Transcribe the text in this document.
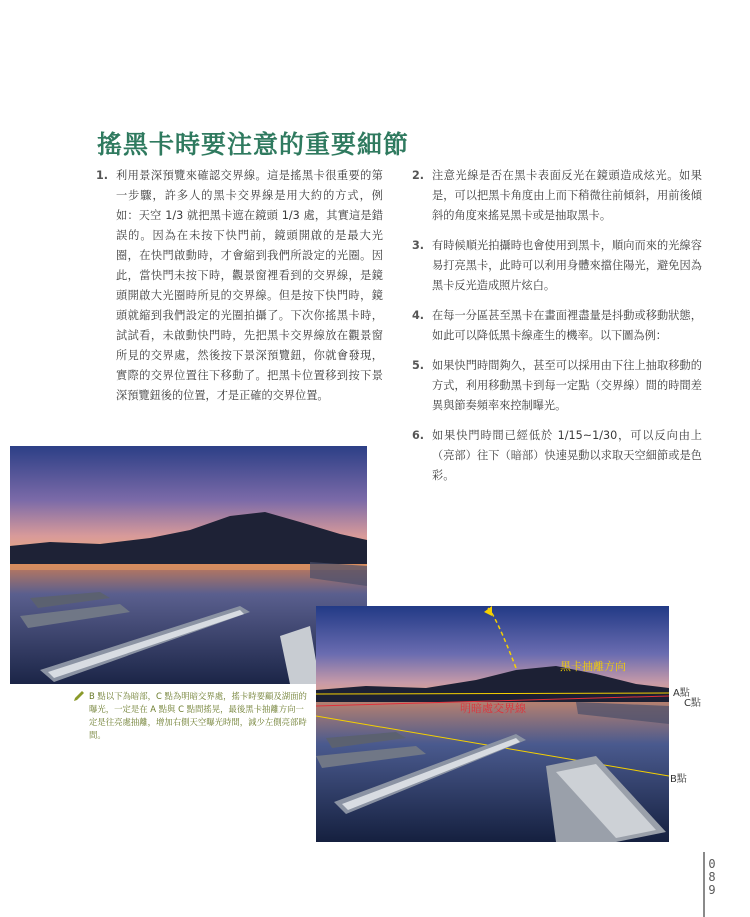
搖黑卡時要注意的重要細節
1. 利用景深預覽來確認交界線。這是搖黑卡很重要的第一步驟，許多人的黑卡交界線是用大約的方式，例如：天空 1/3 就把黑卡遮在鏡頭 1/3 處，其實這是錯誤的。因為在未按下快門前，鏡頭開啟的是最大光圈，在快門啟動時，才會縮到我們所設定的光圈。因此，當快門未按下時，觀景窗裡看到的交界線，是鏡頭開啟大光圈時所見的交界線。但是按下快門時，鏡頭就縮到我們設定的光圈拍攝了。下次你搖黑卡時，試試看，未啟動快門時，先把黑卡交界線放在觀景窗所見的交界處，然後按下景深預覽鈕，你就會發現，實際的交界位置往下移動了。把黑卡位置移到按下景深預覽鈕後的位置，才是正確的交界位置。
2. 注意光線是否在黑卡表面反光在鏡頭造成炫光。如果是，可以把黑卡角度由上而下稍微往前傾斜，用前後傾斜的角度來搖晃黑卡或是抽取黑卡。
3. 有時候順光拍攝時也會使用到黑卡，順向而來的光線容易打亮黑卡，此時可以利用身體來擋住陽光，避免因為黑卡反光造成照片炫白。
4. 在每一分區甚至黑卡在畫面裡盡量是抖動或移動狀態，如此可以降低黑卡線產生的機率。以下圖為例：
5. 如果快門時間夠久，甚至可以採用由下往上抽取移動的方式，利用移動黑卡到每一定點（交界線）間的時間差異與節奏頻率來控制曝光。
6. 如果快門時間已經低於 1/15~1/30，可以反向由上（亮部）往下（暗部）快速晃動以求取天空細節或是色彩。
B 點以下為暗部，C 點為明暗交界處，搖卡時要顧及湖面的曝光，一定是在 A 點與 C 點間搖晃，最後黑卡抽離方向一定是往亮處抽離，增加右側天空曝光時間，減少左側亮部時間。
黑卡抽離方向
明暗處交界線
A點
C點
B點
0
8
9
